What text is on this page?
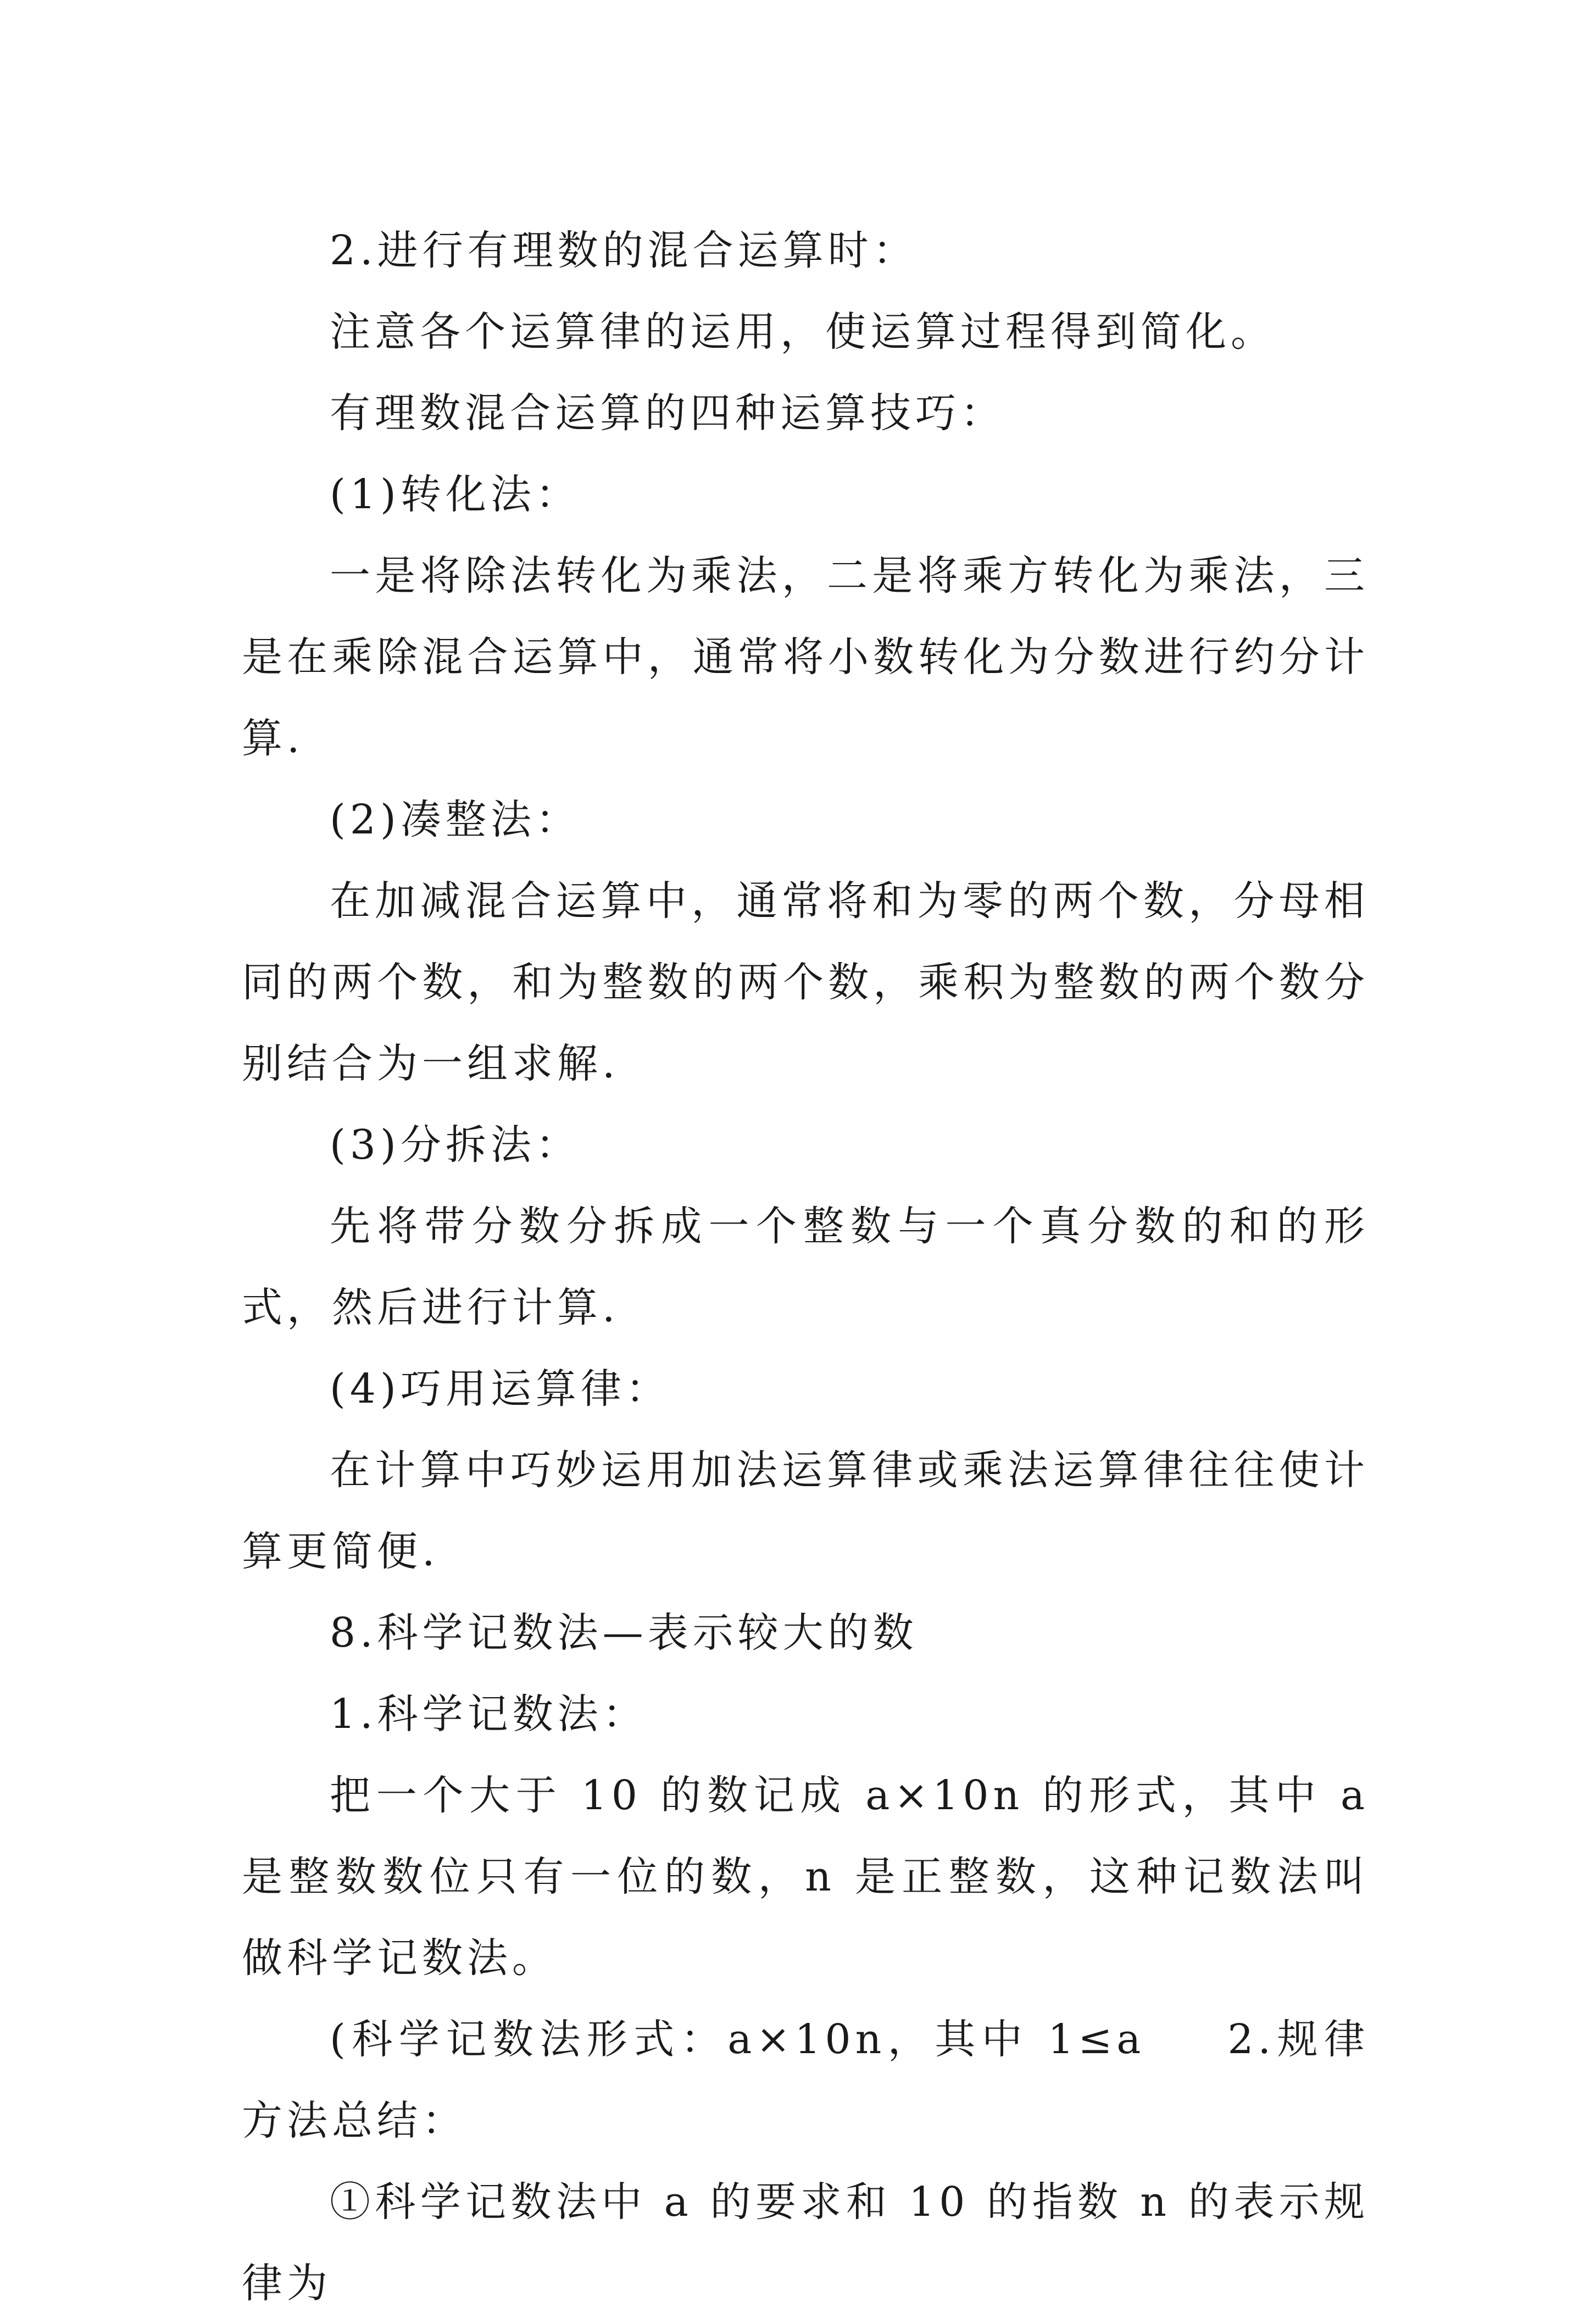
2.进行有理数的混合运算时：

注意各个运算律的运用，使运算过程得到简化。

有理数混合运算的四种运算技巧：

(1)转化法：

一是将除法转化为乘法，二是将乘方转化为乘法，三是在乘除混合运算中，通常将小数转化为分数进行约分计算.

(2)凑整法：

在加减混合运算中，通常将和为零的两个数，分母相同的两个数，和为整数的两个数，乘积为整数的两个数分别结合为一组求解.

(3)分拆法：

先将带分数分拆成一个整数与一个真分数的和的形式，然后进行计算.

(4)巧用运算律：

在计算中巧妙运用加法运算律或乘法运算律往往使计算更简便.

8.科学记数法—表示较大的数

1.科学记数法：

把一个大于 10 的数记成 a×10n 的形式，其中 a 是整数数位只有一位的数，n 是正整数，这种记数法叫做科学记数法。

(科学记数法形式：a×10n，其中 1≤a 2.规律方法总结：

①科学记数法中 a 的要求和 10 的指数 n 的表示规律为
